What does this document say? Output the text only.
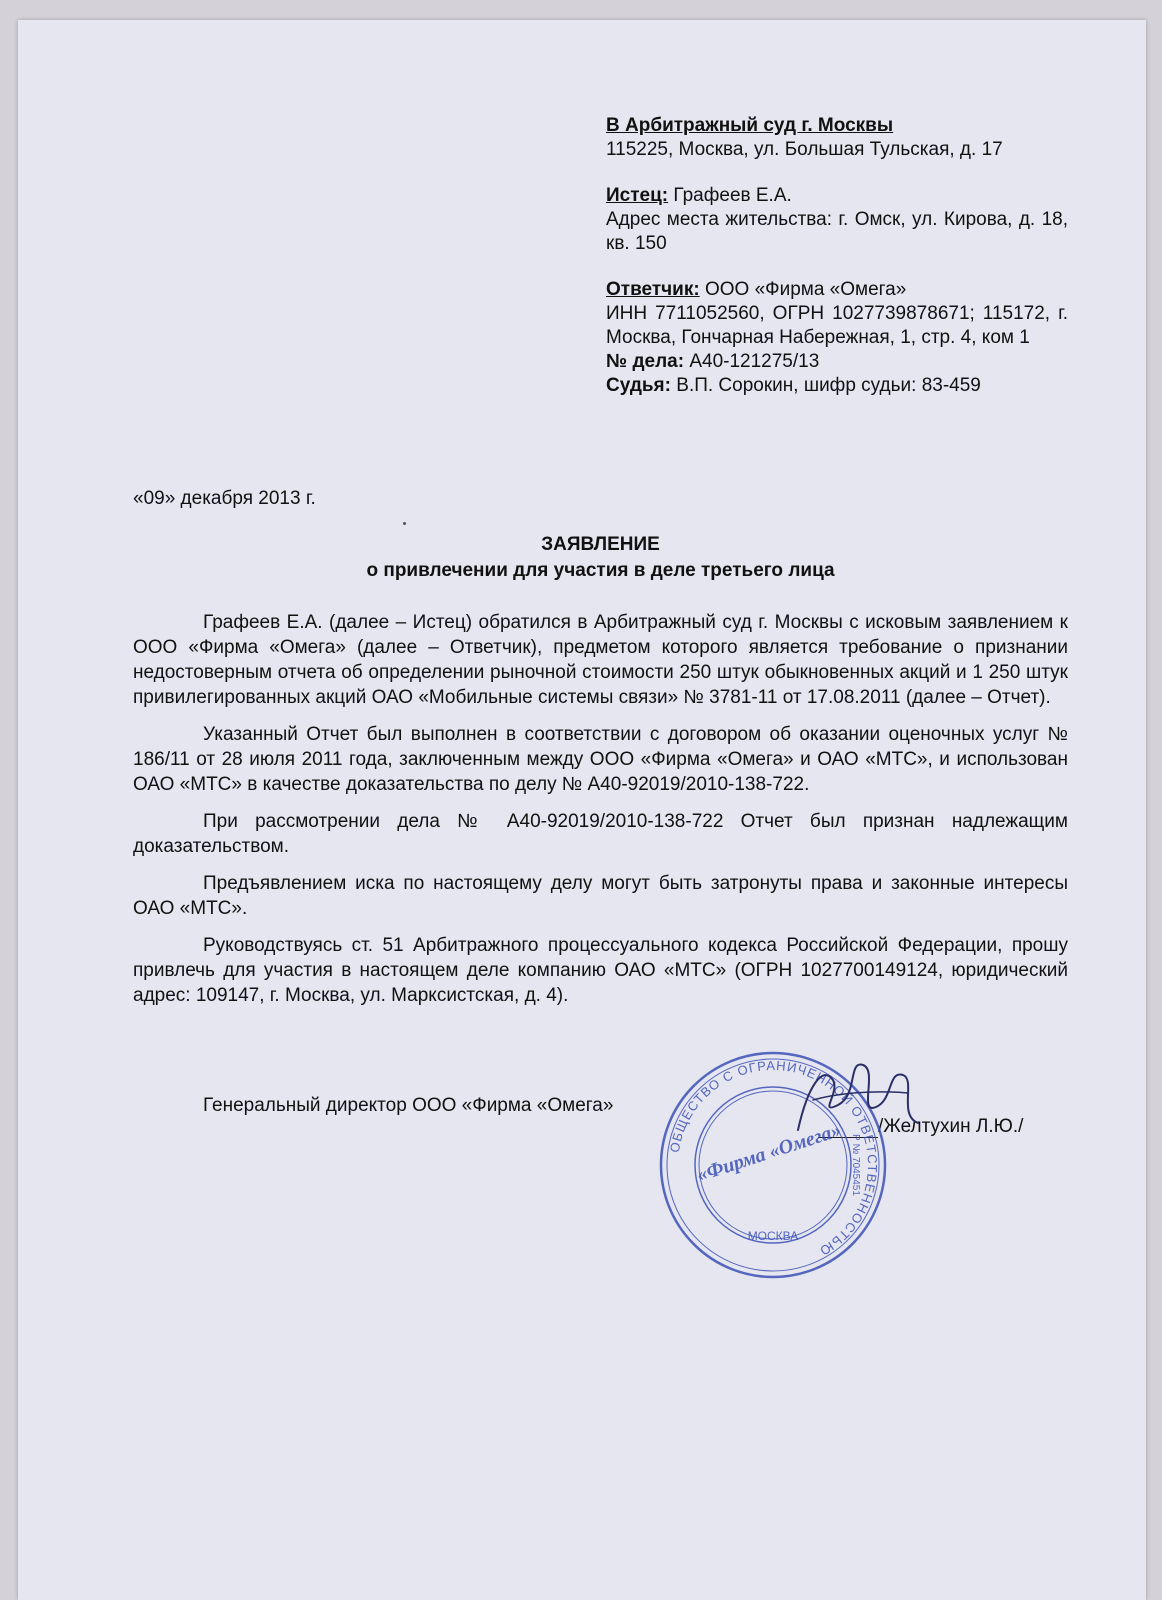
В Арбитражный суд г. Москвы

115225, Москва, ул. Большая Тульская, д. 17

Истец: Графеев Е.А.

Адрес места жительства: г. Омск, ул. Кирова, д. 18, кв. 150

Ответчик: ООО «Фирма «Омега»

ИНН 7711052560, ОГРН 1027739878671; 115172, г. Москва, Гончарная Набережная, 1, стр. 4, ком 1

№ дела: А40-121275/13

Судья: В.П. Сорокин, шифр судьи: 83-459

«09» декабря 2013 г.
ЗАЯВЛЕНИЕ
о привлечении для участия в деле третьего лица

Графеев Е.А. (далее – Истец) обратился в Арбитражный суд г. Москвы с исковым заявлением к ООО «Фирма «Омега» (далее – Ответчик), предметом которого является требование о признании недостоверным отчета об определении рыночной стоимости 250 штук обыкновенных акций и 1 250 штук привилегированных акций ОАО «Мобильные системы связи» № 3781-11 от 17.08.2011 (далее – Отчет).

Указанный Отчет был выполнен в соответствии с договором об оказании оценочных услуг № 186/11 от 28 июля 2011 года, заключенным между ООО «Фирма «Омега» и ОАО «МТС», и использован ОАО «МТС» в качестве доказательства по делу № А40-92019/2010-138-722.

При рассмотрении дела № А40-92019/2010-138-722 Отчет был признан надлежащим доказательством.

Предъявлением иска по настоящему делу могут быть затронуты права и законные интересы ОАО «МТС».

Руководствуясь ст. 51 Арбитражного процессуального кодекса Российской Федерации, прошу привлечь для участия в настоящем деле компанию ОАО «МТС» (ОГРН 1027700149124, юридический адрес: 109147, г. Москва, ул. Марксистская, д. 4).

Генеральный директор ООО «Фирма «Омега»
/Желтухин Л.Ю./
ОБЩЕСТВО С ОГРАНИЧЕННОЙ ОТВЕТСТВЕННОСТЬЮ
«Фирма «Омега»
МОСКВА
Р № 7045451
